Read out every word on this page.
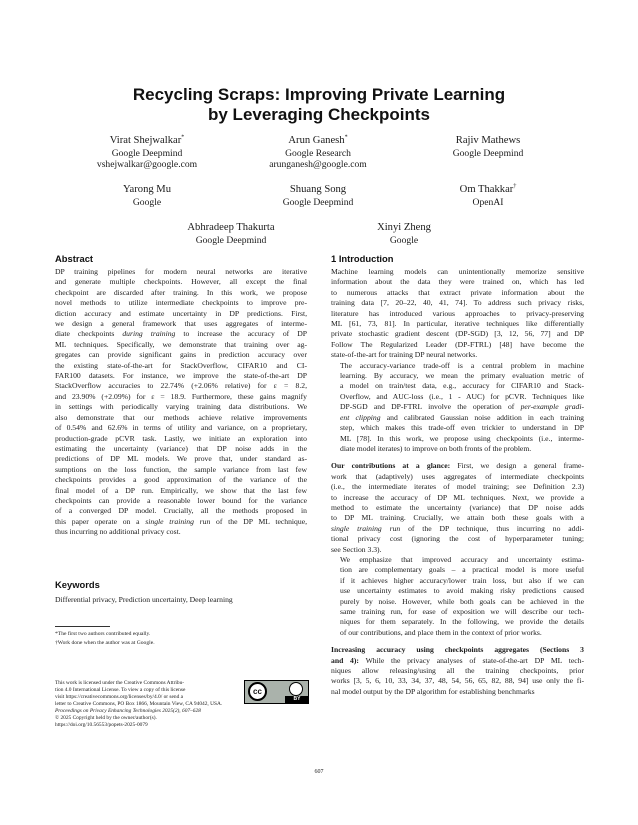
Recycling Scraps: Improving Private Learning
by Leveraging Checkpoints
Virat Shejwalkar*
Google Deepmind
vshejwalkar@google.com
Arun Ganesh*
Google Research
arunganesh@google.com
Rajiv Mathews
Google Deepmind
Yarong Mu
Google
Shuang Song
Google Deepmind
Om Thakkar†
OpenAI
Abhradeep Thakurta
Google Deepmind
Xinyi Zheng
Google
Abstract

DP training pipelines for modern neural networks are iterative
and generate multiple checkpoints. However, all except the final
checkpoint are discarded after training. In this work, we propose
novel methods to utilize intermediate checkpoints to improve pre-
diction accuracy and estimate uncertainty in DP predictions. First,
we design a general framework that uses aggregates of interme-
diate checkpoints during training to increase the accuracy of DP
ML techniques. Specifically, we demonstrate that training over ag-
gregates can provide significant gains in prediction accuracy over
the existing state-of-the-art for StackOverflow, CIFAR10 and CI-
FAR100 datasets. For instance, we improve the state-of-the-art DP
StackOverflow accuracies to 22.74% (+2.06% relative) for ε = 8.2,
and 23.90% (+2.09%) for ε = 18.9. Furthermore, these gains magnify
in settings with periodically varying training data distributions. We
also demonstrate that our methods achieve relative improvements
of 0.54% and 62.6% in terms of utility and variance, on a proprietary,
production-grade pCVR task. Lastly, we initiate an exploration into
estimating the uncertainty (variance) that DP noise adds in the
predictions of DP ML models. We prove that, under standard as-
sumptions on the loss function, the sample variance from last few
checkpoints provides a good approximation of the variance of the
final model of a DP run. Empirically, we show that the last few
checkpoints can provide a reasonable lower bound for the variance
of a converged DP model. Crucially, all the methods proposed in
this paper operate on a single training run of the DP ML technique,
thus incurring no additional privacy cost.

Keywords
Differential privacy, Prediction uncertainty, Deep learning
*The first two authors contributed equally.
†Work done when the author was at Google.
This work is licensed under the Creative Commons Attribu-
tion 4.0 International License. To view a copy of this license
visit https://creativecommons.org/licenses/by/4.0/ or send a
letter to Creative Commons, PO Box 1866, Mountain View, CA 94042, USA.
Proceedings on Privacy Enhancing Technologies 2025(2), 607–628
© 2025 Copyright held by the owner/author(s).
https://doi.org/10.56553/popets-2025-0079
cc
BY
1 Introduction

Machine learning models can unintentionally memorize sensitive
information about the data they were trained on, which has led
to numerous attacks that extract private information about the
training data [7, 20–22, 40, 41, 74]. To address such privacy risks,
literature has introduced various approaches to privacy-preserving
ML [61, 73, 81]. In particular, iterative techniques like differentially
private stochastic gradient descent (DP-SGD) [3, 12, 56, 77] and DP
Follow The Regularized Leader (DP-FTRL) [48] have become the
state-of-the-art for training DP neural networks.

The accuracy-variance trade-off is a central problem in machine
learning. By accuracy, we mean the primary evaluation metric of
a model on train/test data, e.g., accuracy for CIFAR10 and Stack-
Overflow, and AUC-loss (i.e., 1 - AUC) for pCVR. Techniques like
DP-SGD and DP-FTRL involve the operation of per-example gradi-
ent clipping and calibrated Gaussian noise addition in each training
step, which makes this trade-off even trickier to understand in DP
ML [78]. In this work, we propose using checkpoints (i.e., interme-
diate model iterates) to improve on both fronts of the problem.

Our contributions at a glance: First, we design a general frame-
work that (adaptively) uses aggregates of intermediate checkpoints
(i.e., the intermediate iterates of model training; see Definition 2.3)
to increase the accuracy of DP ML techniques. Next, we provide a
method to estimate the uncertainty (variance) that DP noise adds
to DP ML training. Crucially, we attain both these goals with a
single training run of the DP technique, thus incurring no addi-
tional privacy cost (ignoring the cost of hyperparameter tuning;
see Section 3.3).

We emphasize that improved accuracy and uncertainty estima-
tion are complementary goals – a practical model is more useful
if it achieves higher accuracy/lower train loss, but also if we can
use uncertainty estimates to avoid making risky predictions caused
purely by noise. However, while both goals can be achieved in the
same training run, for ease of exposition we will describe our tech-
niques for them separately. In the following, we provide the details
of our contributions, and place them in the context of prior works.

Increasing accuracy using checkpoints aggregates (Sections 3
and 4): While the privacy analyses of state-of-the-art DP ML tech-
niques allow releasing/using all the training checkpoints, prior
works [3, 5, 6, 10, 33, 34, 37, 48, 54, 56, 65, 82, 88, 94] use only the fi-
nal model output by the DP algorithm for establishing benchmarks

607
